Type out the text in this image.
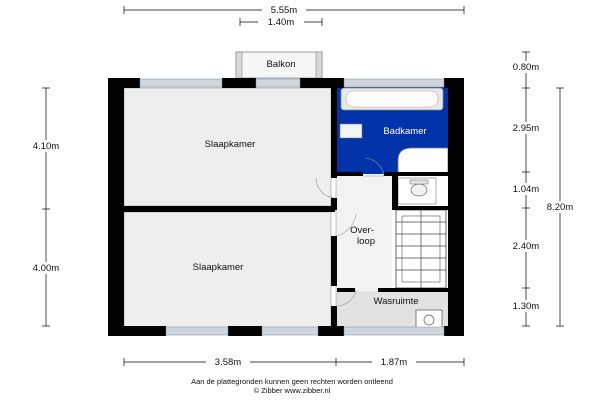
Slaapkamer
Slaapkamer
Badkamer
Over-
loop
Wasruimte
Balkon
5.55m
1.40m
4.10m
4.00m
0.80m
2.95m
1.04m
2.40m
1.30m
8.20m
3.58m	1.87m
Aan de plattegronden kunnen geen rechten worden ontleend
© Zibber www.zibber.nl
